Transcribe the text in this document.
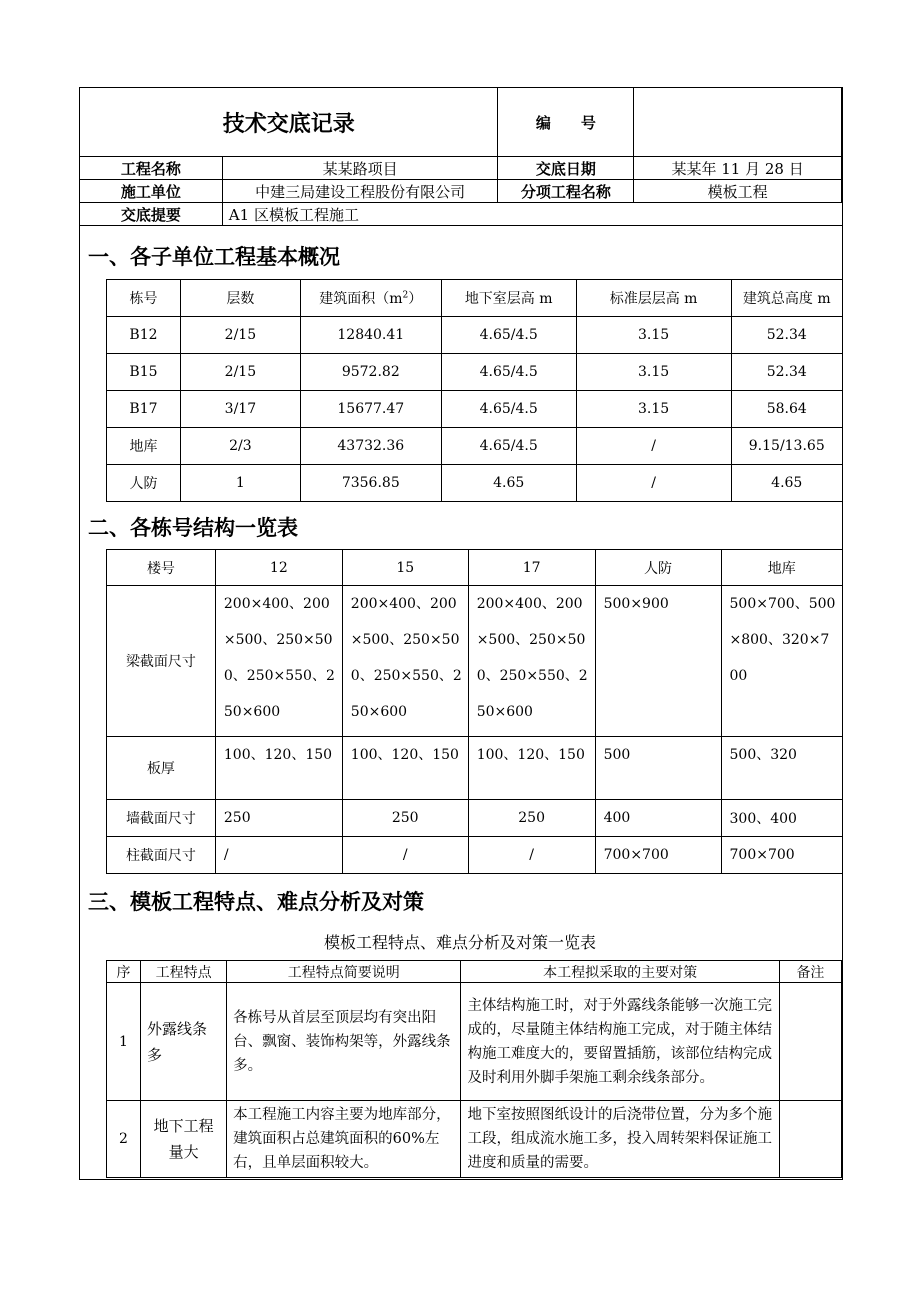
技术交底记录		编　　号	
工程名称	某某路项目	交底日期	某某年 11 月 28 日
施工单位	中建三局建设工程股份有限公司	分项工程名称	模板工程
交底提要	A1 区模板工程施工		
一、各子单位工程基本概况
栋号	层数	建筑面积$(m^2)$	地下室层高 m	标准层层高 m	建筑总高度 m
B12	2/15	12840.41	4.65/4.5	3.15	52.34
B15	2/15	9572.82	4.65/4.5	3.15	52.34
B17	3/17	15677.47	4.65/4.5	3.15	58.64
地库	2/3	43732.36	4.65/4.5	/	9.15/13.65
人防	1	7356.85	4.65	/	4.65
二、各栋号结构一览表
楼号	12	15	17	人防	地库
梁截面尺寸	200×400、200×500、250×500、250×550、250×600	200×400、200×500、250×500、250×550、250×600	200×400、200×500、250×500、250×550、250×600	500×900	500×700、500×800、320×700
板厚	100、120、150	100、120、150	100、120、150	500	500、320
墙截面尺寸	250	250	250	400	300、400
柱截面尺寸	/	/	/	700×700	700×700
三、模板工程特点、难点分析及对策
模板工程特点、难点分析及对策一览表
序	工程特点	工程特点简要说明	本工程拟采取的主要对策	备注
1	外露线条多	各栋号从首层至顶层均有突出阳台、飘窗、装饰构架等，外露线条多。	主体结构施工时，对于外露线条能够一次施工完成的，尽量随主体结构施工完成，对于随主体结构施工难度大的，要留置插筋，该部位结构完成及时利用外脚手架施工剩余线条部分。	
2	地下工程量大	本工程施工内容主要为地库部分，建筑面积占总建筑面积的60%左右，且单层面积较大。	地下室按照图纸设计的后浇带位置，分为多个施工段，组成流水施工多，投入周转架料保证施工进度和质量的需要。	
